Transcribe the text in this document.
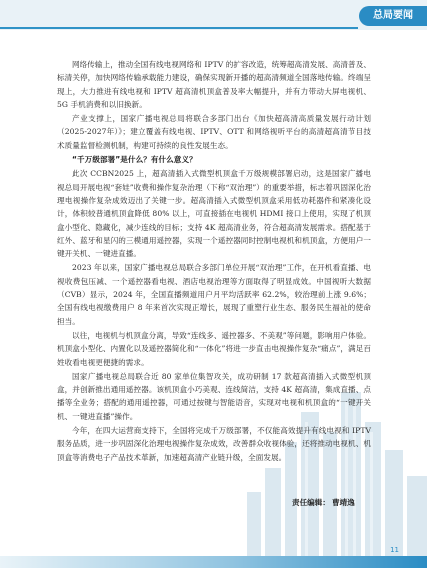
总局要闻

网络传输上，推动全国有线电视网络和 IPTV 的扩容改造，统筹超高清发展、高清普及、标清关停，加快网络传输承载能力建设，确保实现新开播的超高清频道全国落地传输。终端呈现上，大力推进有线电视和 IPTV 超高清机顶盒普及率大幅提升，并有力带动大屏电视机、5G 手机消费和以旧换新。

产业支撑上，国家广播电视总局将联合多部门出台《加快超高清高质量发展行动计划（2025-2027年）》；建立覆盖有线电视、IPTV、OTT 和网络视听平台的高清超高清节目技术质量监督检测机制，构建可持续的良性发展生态。

“千万级部署”是什么？有什么意义？

此次 CCBN2025 上，超高清插入式微型机顶盒千万级规模部署启动，这是国家广播电视总局开展电视“套娃”收费和操作复杂治理（下称“双治理”）的重要举措，标志着巩固深化治理电视操作复杂成效迈出了关键一步。超高清插入式微型机顶盒采用低功耗器件和紧凑化设计，体积较普通机顶盒降低 80% 以上，可直接插在电视机 HDMI 接口上使用，实现了机顶盒小型化、隐藏化，减少连线的目标；支持 4K 超高清业务，符合超高清发展需求。搭配基于红外、蓝牙和星闪的三模通用遥控器，实现一个遥控器同时控制电视机和机顶盒，方便用户一键开关机、一键进直播。

2023 年以来，国家广播电视总局联合多部门单位开展“双治理”工作，在开机看直播、电视收费包压减、一个遥控器看电视、酒店电视治理等方面取得了明显成效。中国视听大数据（CVB）显示，2024 年，全国直播频道用户月平均活跃率 62.2%，较治理前上涨 9.6%；全国有线电视缴费用户 8 年来首次实现正增长，展现了重塑行业生态、服务民生福祉的使命担当。

以往，电视机与机顶盒分离，导致“连线多、遥控器多、不美观”等问题，影响用户体验。机顶盒小型化、内置化以及遥控器简化和“一体化”将进一步直击电视操作复杂“痛点”，满足百姓收看电视更便捷的需求。

国家广播电视总局联合近 80 家单位集智攻关，成功研制 17 款超高清插入式微型机顶盒，并创新推出通用遥控器。该机顶盒小巧美观、连线简洁，支持 4K 超高清，集成直播、点播等全业务；搭配的通用遥控器，可通过按键与智能语音，实现对电视和机顶盒的“一键开关机、一键进直播”操作。

今年，在四大运营商支持下，全国将完成千万级部署，不仅能高效提升有线电视和 IPTV 服务品质，进一步巩固深化治理电视操作复杂成效，改善群众收视体验，还将推动电视机、机顶盒等消费电子产品技术革新，加速超高清产业链升级，全面发展。

责任编辑： 曹靖逸
11
